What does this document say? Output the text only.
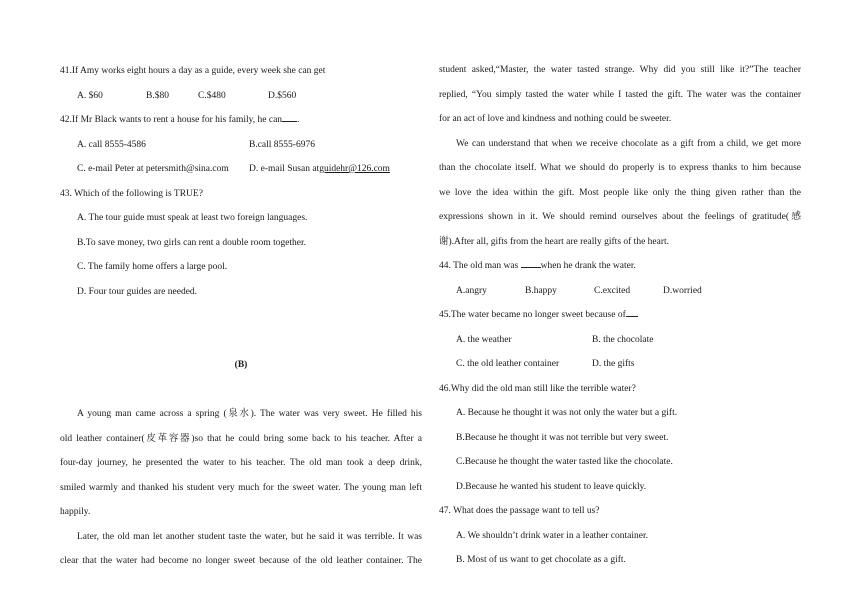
41.If Amy works eight hours a day as a guide, every week she can get
A. $60	B.$80	C.$480	D.$560
42.If Mr Black wants to rent a house for his family, he can .
A. call 8555-4586	B.call 8555-6976
C. e-mail Peter at petersmith@sina.com	D. e-mail Susan atguidehr@126.com
43. Which of the following is TRUE?
A. The tour guide must speak at least two foreign languages.
B.To save money, two girls can rent a double room together.
C. The family home offers a large pool.
D. Four tour guides are needed.
(B)
A young man came across a spring (泉水). The water was very sweet. He filled his
old leather container(皮革容器)so that he could bring some back to his teacher. After a
four-day journey, he presented the water to his teacher. The old man took a deep drink,
smiled warmly and thanked his student very much for the sweet water. The young man left
happily.
Later, the old man let another student taste the water, but he said it was terrible. It was
clear that the water had become no longer sweet because of the old leather container. The
student asked,“Master, the water tasted strange. Why did you still like it?”The teacher
replied, “You simply tasted the water while I tasted the gift. The water was the container
for an act of love and kindness and nothing could be sweeter.
We can understand that when we receive chocolate as a gift from a child, we get more
than the chocolate itself. What we should do properly is to express thanks to him because
we love the idea within the gift. Most people like only the thing given rather than the
expressions shown in it. We should remind ourselves about the feelings of gratitude(感
谢).After all, gifts from the heart are really gifts of the heart.
44. The old man was when he drank the water.
A.angry	B.happy	C.excited	D.worried
45.The water became no longer sweet because of
A. the weather	B. the chocolate
C. the old leather container	D. the gifts
46.Why did the old man still like the terrible water?
A. Because he thought it was not only the water but a gift.
B.Because he thought it was not terrible but very sweet.
C.Because he thought the water tasted like the chocolate.
D.Because he wanted his student to leave quickly.
47. What does the passage want to tell us?
A. We shouldn’t drink water in a leather container.
B. Most of us want to get chocolate as a gift.
